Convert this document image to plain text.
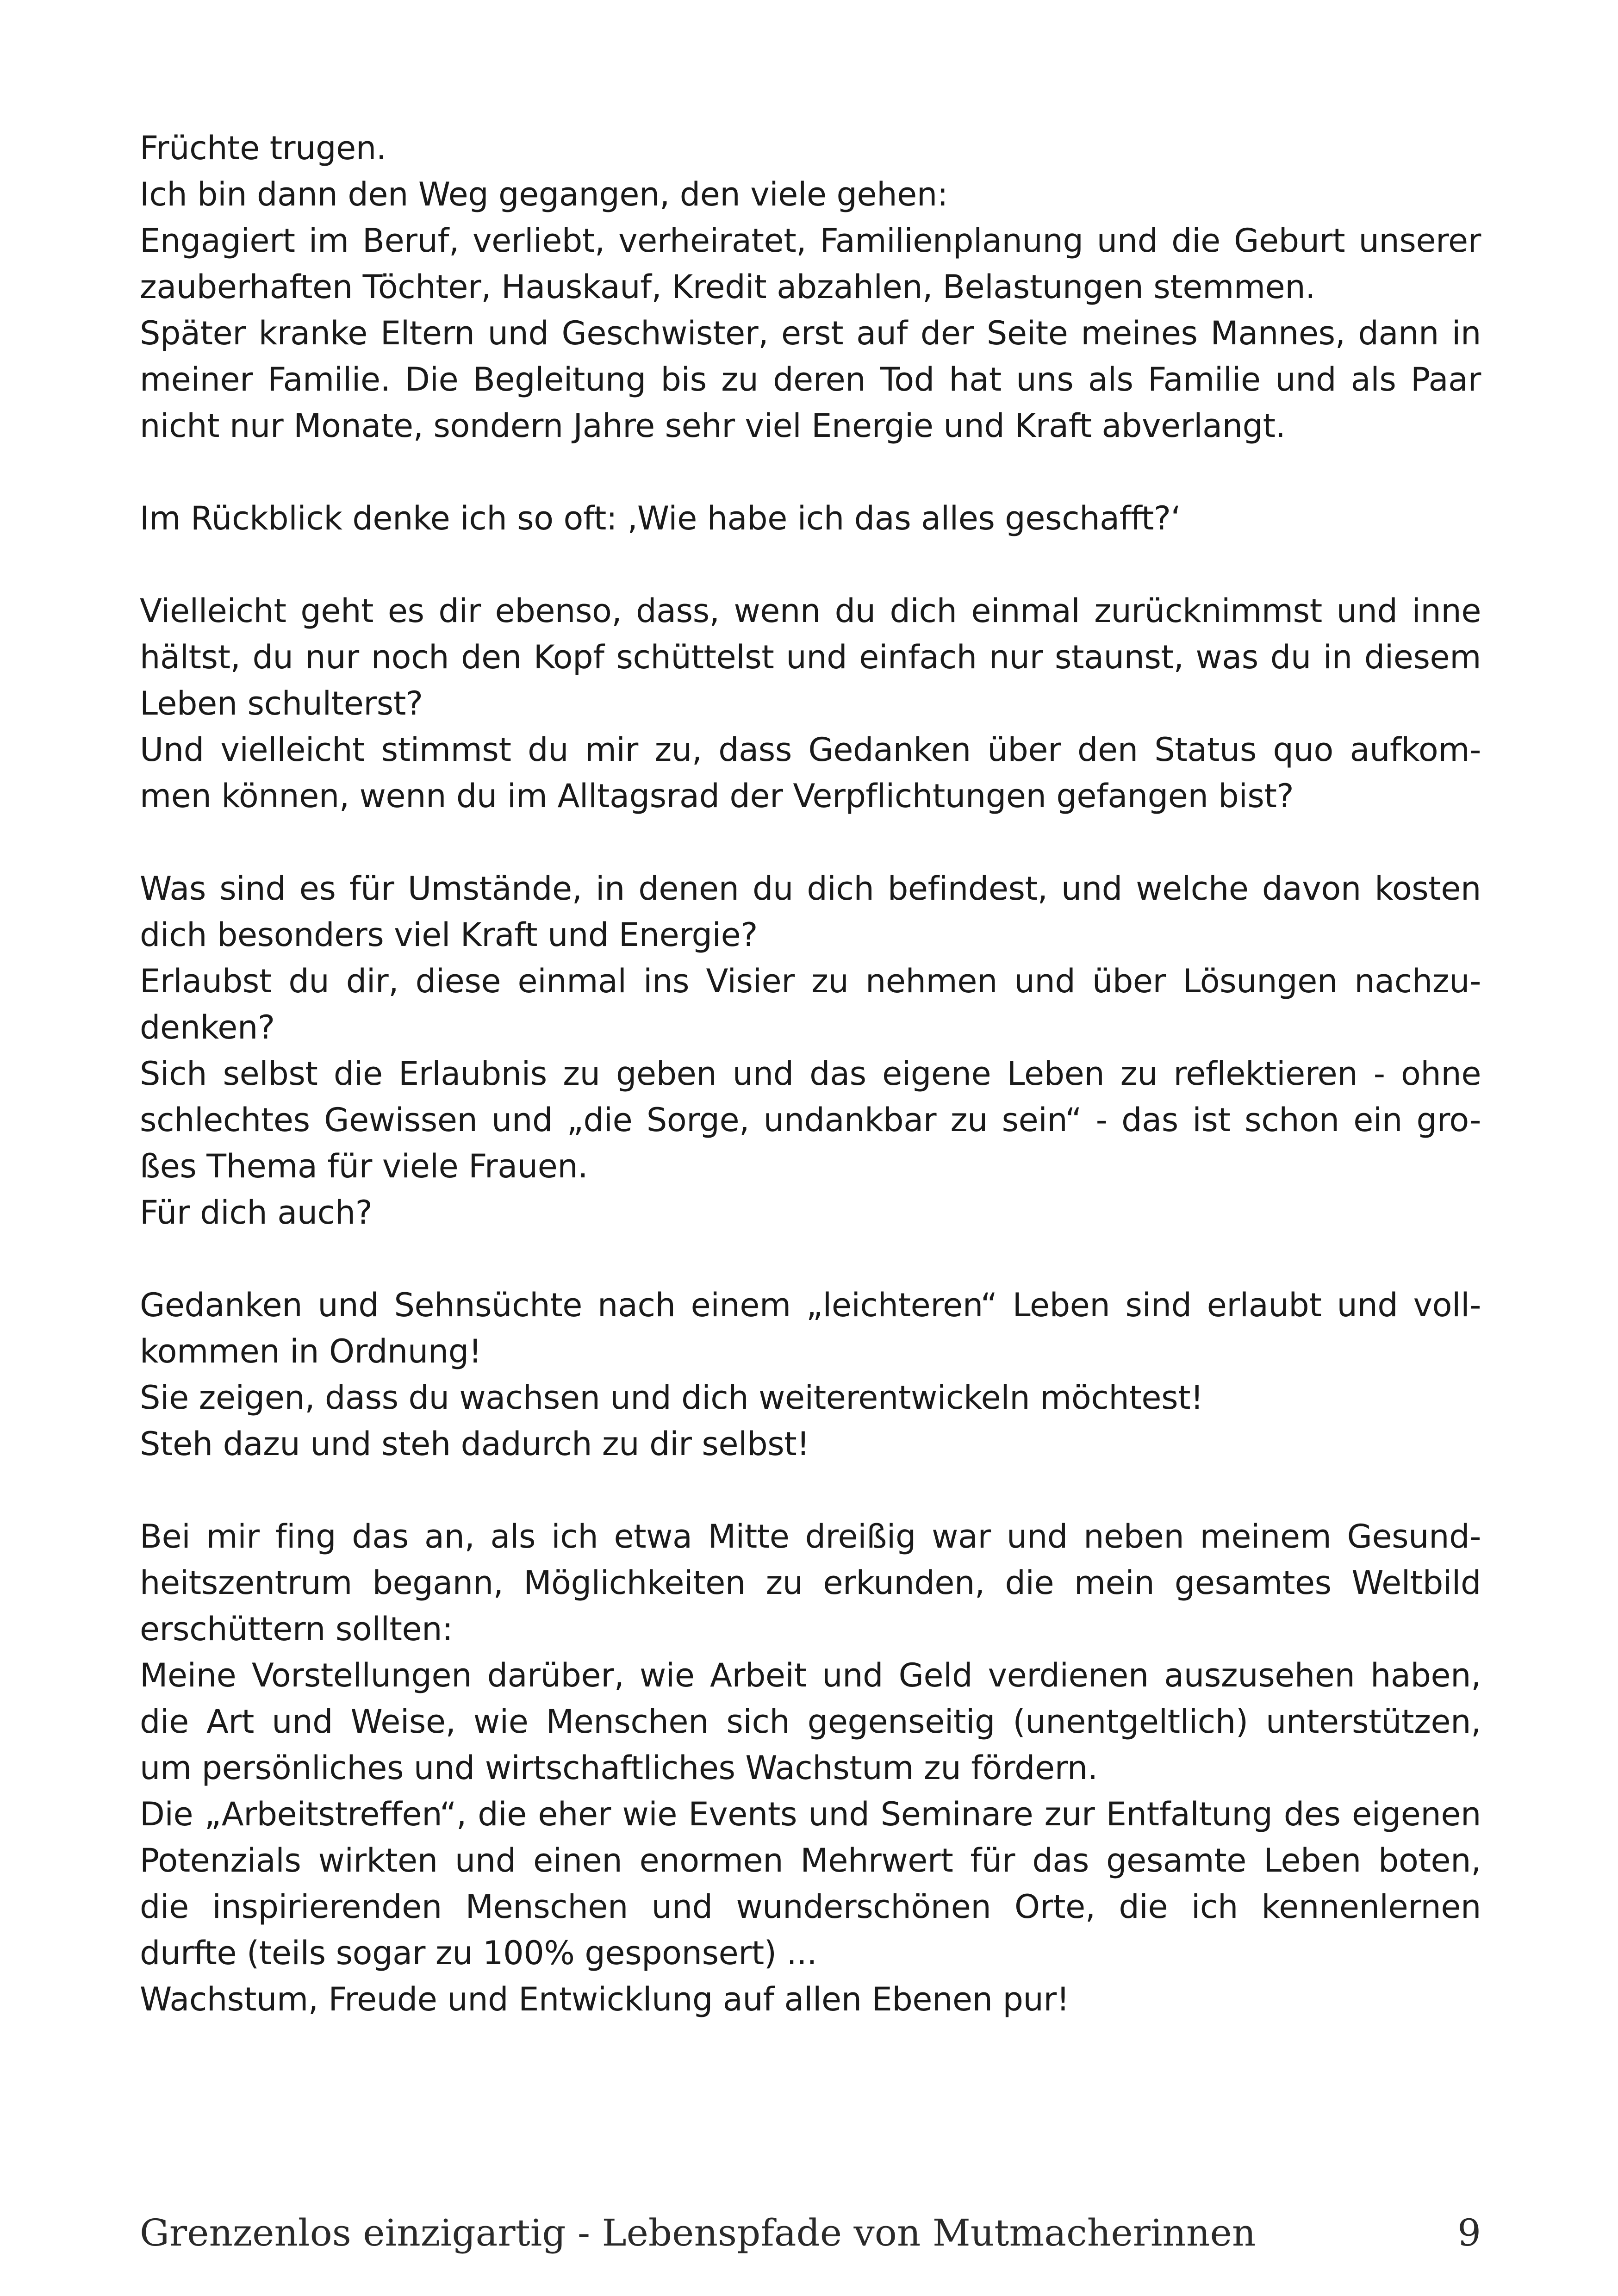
Früchte trugen.
Ich bin dann den Weg gegangen, den viele gehen:
Engagiert im Beruf, verliebt, verheiratet, Familienplanung und die Geburt unserer
zauberhaften Töchter, Hauskauf, Kredit abzahlen, Belastungen stemmen.
Später kranke Eltern und Geschwister, erst auf der Seite meines Mannes, dann in
meiner Familie. Die Begleitung bis zu deren Tod hat uns als Familie und als Paar
nicht nur Monate, sondern Jahre sehr viel Energie und Kraft abverlangt.
Im Rückblick denke ich so oft: ‚Wie habe ich das alles geschafft?‘
Vielleicht geht es dir ebenso, dass, wenn du dich einmal zurücknimmst und inne
hältst, du nur noch den Kopf schüttelst und einfach nur staunst, was du in diesem
Leben schulterst?
Und vielleicht stimmst du mir zu, dass Gedanken über den Status quo aufkom-
men können, wenn du im Alltagsrad der Verpflichtungen gefangen bist?
Was sind es für Umstände, in denen du dich befindest, und welche davon kosten
dich besonders viel Kraft und Energie?
Erlaubst du dir, diese einmal ins Visier zu nehmen und über Lösungen nachzu-
denken?
Sich selbst die Erlaubnis zu geben und das eigene Leben zu reflektieren - ohne
schlechtes Gewissen und „die Sorge, undankbar zu sein“ - das ist schon ein gro-
ßes Thema für viele Frauen.
Für dich auch?
Gedanken und Sehnsüchte nach einem „leichteren“ Leben sind erlaubt und voll-
kommen in Ordnung!
Sie zeigen, dass du wachsen und dich weiterentwickeln möchtest!
Steh dazu und steh dadurch zu dir selbst!
Bei mir fing das an, als ich etwa Mitte dreißig war und neben meinem Gesund-
heitszentrum begann, Möglichkeiten zu erkunden, die mein gesamtes Weltbild
erschüttern sollten:
Meine Vorstellungen darüber, wie Arbeit und Geld verdienen auszusehen haben,
die Art und Weise, wie Menschen sich gegenseitig (unentgeltlich) unterstützen,
um persönliches und wirtschaftliches Wachstum zu fördern.
Die „Arbeitstreffen“, die eher wie Events und Seminare zur Entfaltung des eigenen
Potenzials wirkten und einen enormen Mehrwert für das gesamte Leben boten,
die inspirierenden Menschen und wunderschönen Orte, die ich kennenlernen
durfte (teils sogar zu 100% gesponsert) ...
Wachstum, Freude und Entwicklung auf allen Ebenen pur!
Grenzenlos einzigartig - Lebenspfade von Mutmacherinnen	9
